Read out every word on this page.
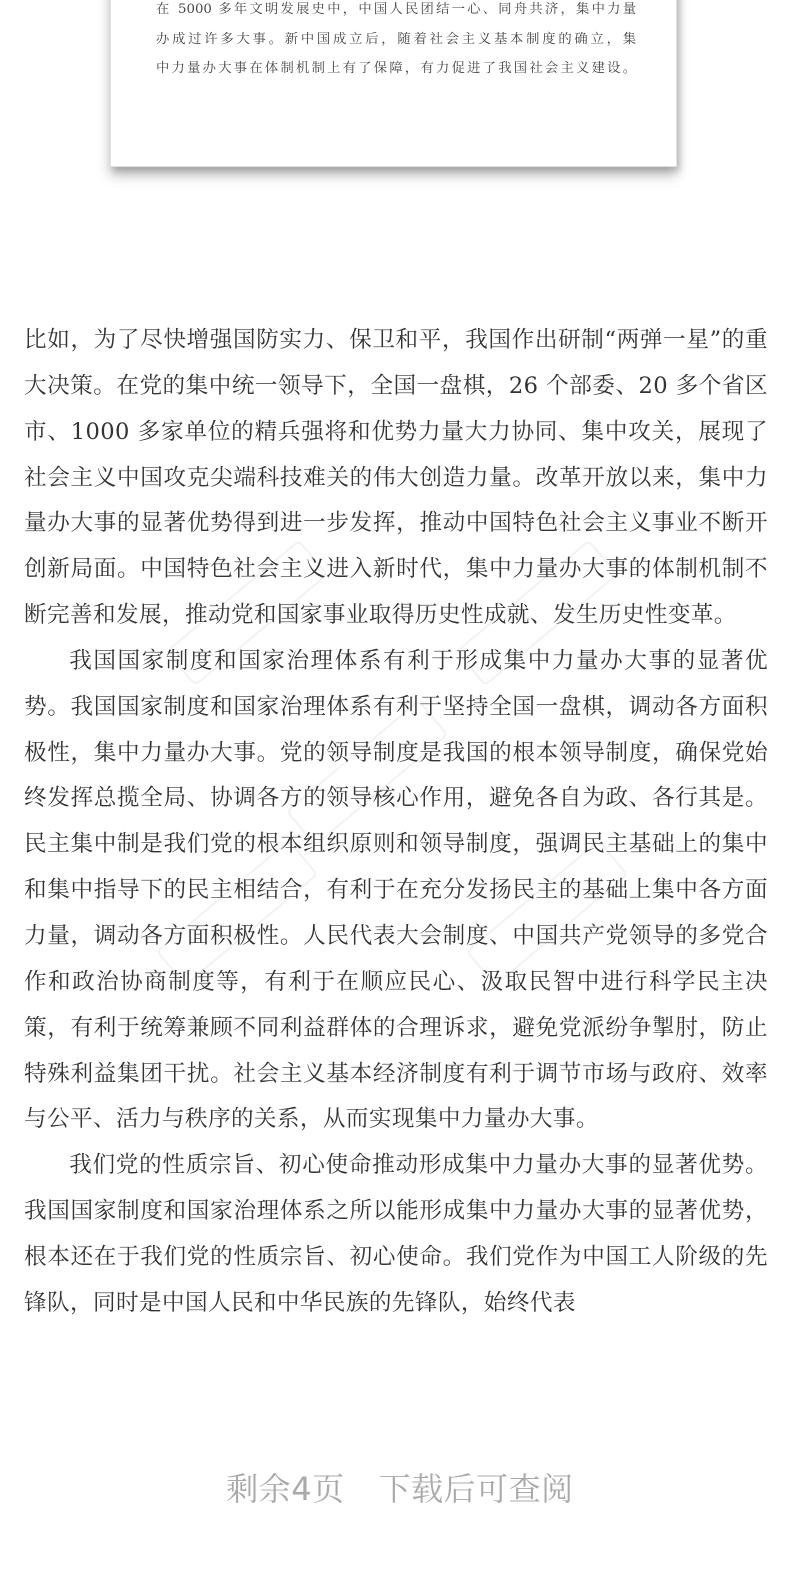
在 5000 多年文明发展史中，中国人民团结一心、同舟共济，集中力量
办成过许多大事。新中国成立后，随着社会主义基本制度的确立，集
中力量办大事在体制机制上有了保障，有力促进了我国社会主义建设。

比如，为了尽快增强国防实力、保卫和平，我国作出研制“两弹一星”的重大决策。在党的集中统一领导下，全国一盘棋，26 个部委、20 多个省区市、1000 多家单位的精兵强将和优势力量大力协同、集中攻关，展现了社会主义中国攻克尖端科技难关的伟大创造力量。改革开放以来，集中力量办大事的显著优势得到进一步发挥，推动中国特色社会主义事业不断开创新局面。中国特色社会主义进入新时代，集中力量办大事的体制机制不断完善和发展，推动党和国家事业取得历史性成就、发生历史性变革。

我国国家制度和国家治理体系有利于形成集中力量办大事的显著优势。我国国家制度和国家治理体系有利于坚持全国一盘棋，调动各方面积极性，集中力量办大事。党的领导制度是我国的根本领导制度，确保党始终发挥总揽全局、协调各方的领导核心作用，避免各自为政、各行其是。民主集中制是我们党的根本组织原则和领导制度，强调民主基础上的集中和集中指导下的民主相结合，有利于在充分发扬民主的基础上集中各方面力量，调动各方面积极性。人民代表大会制度、中国共产党领导的多党合作和政治协商制度等，有利于在顺应民心、汲取民智中进行科学民主决策，有利于统筹兼顾不同利益群体的合理诉求，避免党派纷争掣肘，防止特殊利益集团干扰。社会主义基本经济制度有利于调节市场与政府、效率与公平、活力与秩序的关系，从而实现集中力量办大事。

我们党的性质宗旨、初心使命推动形成集中力量办大事的显著优势。我国国家制度和国家治理体系之所以能形成集中力量办大事的显著优势，根本还在于我们党的性质宗旨、初心使命。我们党作为中国工人阶级的先锋队，同时是中国人民和中华民族的先锋队，始终代表

剩余4页 下载后可查阅
